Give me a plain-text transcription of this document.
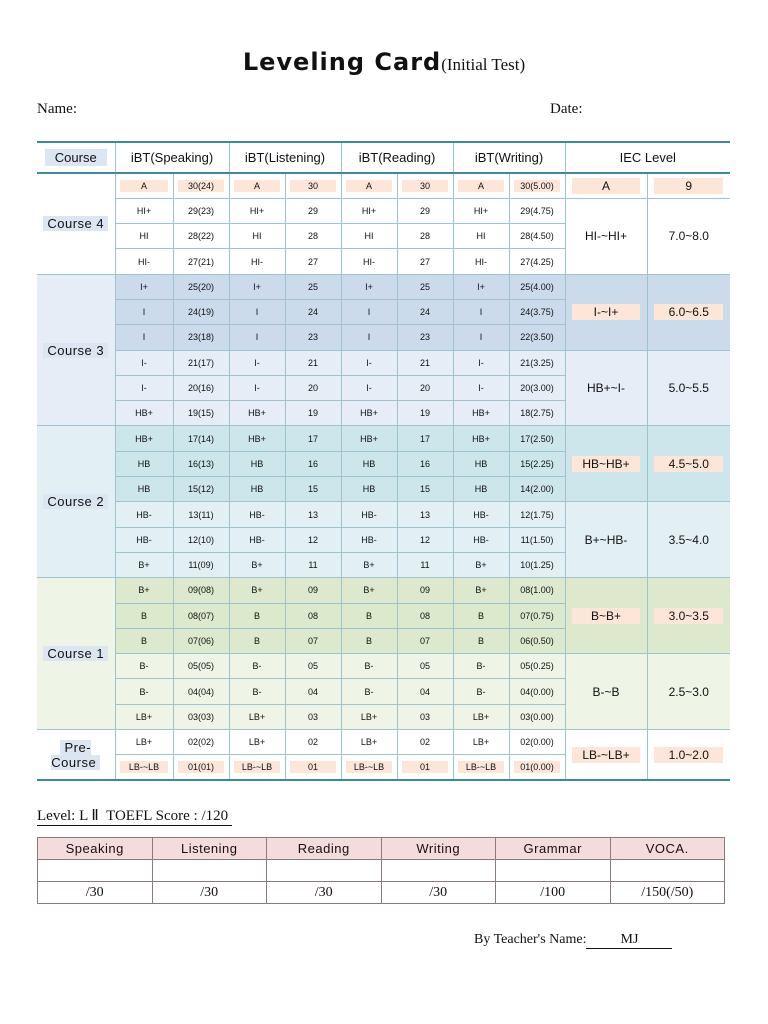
Leveling Card(Initial Test)
Name:	Date:
Course	iBT(Speaking)		iBT(Listening)		iBT(Reading)		iBT(Writing)		IEC Level	
Course 4	A	30(24)	A	30	A	30	A	30(5.00)	A	9
	HI+	29(23)	HI+	29	HI+	29	HI+	29(4.75)	HI-~HI+	7.0~8.0
	HI	28(22)	HI	28	HI	28	HI	28(4.50)		
	HI-	27(21)	HI-	27	HI-	27	HI-	27(4.25)		
Course 3	I+	25(20)	I+	25	I+	25	I+	25(4.00)	I-~I+	6.0~6.5
	I	24(19)	I	24	I	24	I	24(3.75)		
	I	23(18)	I	23	I	23	I	22(3.50)		
	I-	21(17)	I-	21	I-	21	I-	21(3.25)	HB+~I-	5.0~5.5
	I-	20(16)	I-	20	I-	20	I-	20(3.00)		
	HB+	19(15)	HB+	19	HB+	19	HB+	18(2.75)		
Course 2	HB+	17(14)	HB+	17	HB+	17	HB+	17(2.50)	HB~HB+	4.5~5.0
	HB	16(13)	HB	16	HB	16	HB	15(2.25)		
	HB	15(12)	HB	15	HB	15	HB	14(2.00)		
	HB-	13(11)	HB-	13	HB-	13	HB-	12(1.75)	B+~HB-	3.5~4.0
	HB-	12(10)	HB-	12	HB-	12	HB-	11(1.50)		
	B+	11(09)	B+	11	B+	11	B+	10(1.25)		
Course 1	B+	09(08)	B+	09	B+	09	B+	08(1.00)	B~B+	3.0~3.5
	B	08(07)	B	08	B	08	B	07(0.75)		
	B	07(06)	B	07	B	07	B	06(0.50)		
	B-	05(05)	B-	05	B-	05	B-	05(0.25)	B-~B	2.5~3.0
	B-	04(04)	B-	04	B-	04	B-	04(0.00)		
	LB+	03(03)	LB+	03	LB+	03	LB+	03(0.00)		
Pre-Course	LB+	02(02)	LB+	02	LB+	02	LB+	02(0.00)	LB-~LB+	1.0~2.0
	LB-~LB	01(01)	LB-~LB	01	LB-~LB	01	LB-~LB	01(0.00)		
Level: L Ⅱ TOEFL Score : /120
Speaking	Listening	Reading	Writing	Grammar	VOCA.

/30	/30	/30	/30	/100	/150(/50)
By Teacher's Name: MJ
